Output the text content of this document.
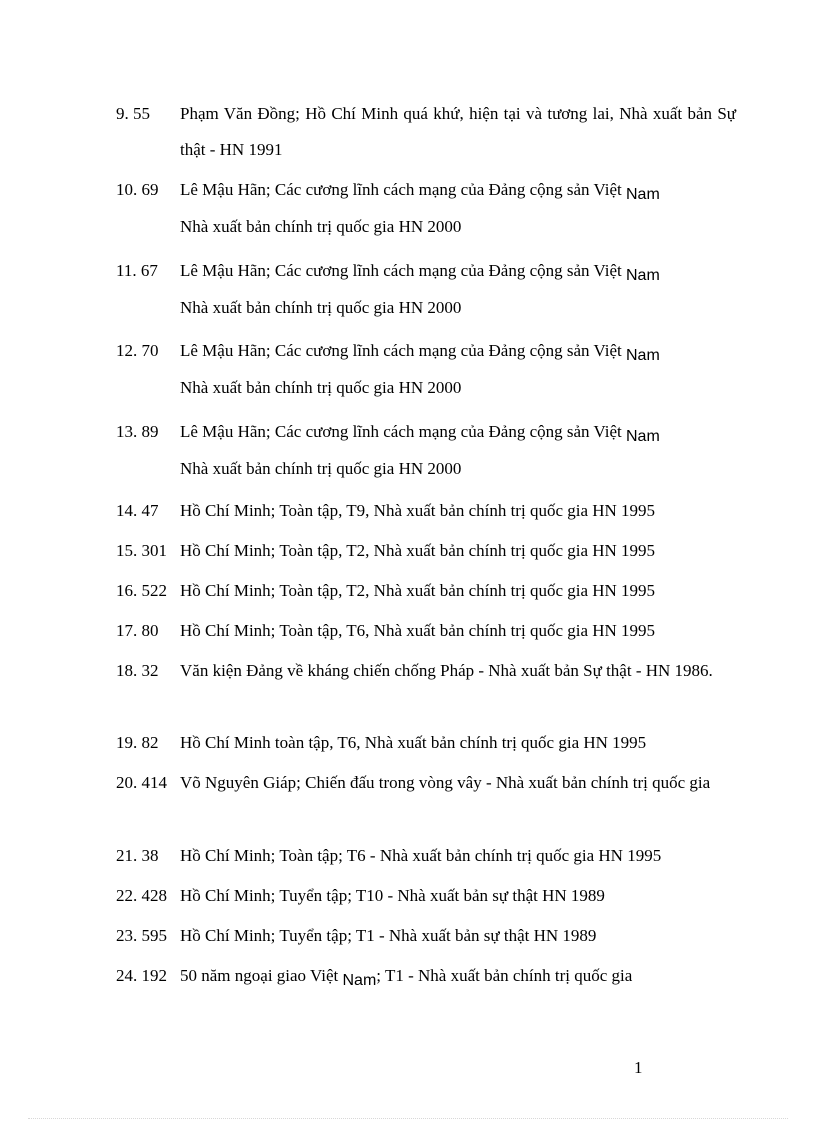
9. 55 Phạm Văn Đồng; Hồ Chí Minh quá khứ, hiện tại và tương lai, Nhà xuất bản Sự thật - HN 1991
10. 69 Lê Mậu Hãn; Các cương lĩnh cách mạng của Đảng cộng sản Việt Nam
Nhà xuất bản chính trị quốc gia HN 2000
11. 67 Lê Mậu Hãn; Các cương lĩnh cách mạng của Đảng cộng sản Việt Nam
Nhà xuất bản chính trị quốc gia HN 2000
12. 70 Lê Mậu Hãn; Các cương lĩnh cách mạng của Đảng cộng sản Việt Nam
Nhà xuất bản chính trị quốc gia HN 2000
13. 89 Lê Mậu Hãn; Các cương lĩnh cách mạng của Đảng cộng sản Việt Nam
Nhà xuất bản chính trị quốc gia HN 2000
14. 47 Hồ Chí Minh; Toàn tập, T9, Nhà xuất bản chính trị quốc gia HN 1995
15. 301 Hồ Chí Minh; Toàn tập, T2, Nhà xuất bản chính trị quốc gia HN 1995
16. 522 Hồ Chí Minh; Toàn tập, T2, Nhà xuất bản chính trị quốc gia HN 1995
17. 80 Hồ Chí Minh; Toàn tập, T6, Nhà xuất bản chính trị quốc gia HN 1995
18. 32 Văn kiện Đảng về kháng chiến chống Pháp - Nhà xuất bản Sự thật - HN 1986.
19. 82 Hồ Chí Minh toàn tập, T6, Nhà xuất bản chính trị quốc gia HN 1995
20. 414 Võ Nguyên Giáp; Chiến đấu trong vòng vây - Nhà xuất bản chính trị quốc gia
21. 38 Hồ Chí Minh; Toàn tập; T6 - Nhà xuất bản chính trị quốc gia HN 1995
22. 428 Hồ Chí Minh; Tuyển tập; T10 - Nhà xuất bản sự thật HN 1989
23. 595 Hồ Chí Minh; Tuyển tập; T1 - Nhà xuất bản sự thật HN 1989
24. 192 50 năm ngoại giao Việt Nam; T1 - Nhà xuất bản chính trị quốc gia
1
